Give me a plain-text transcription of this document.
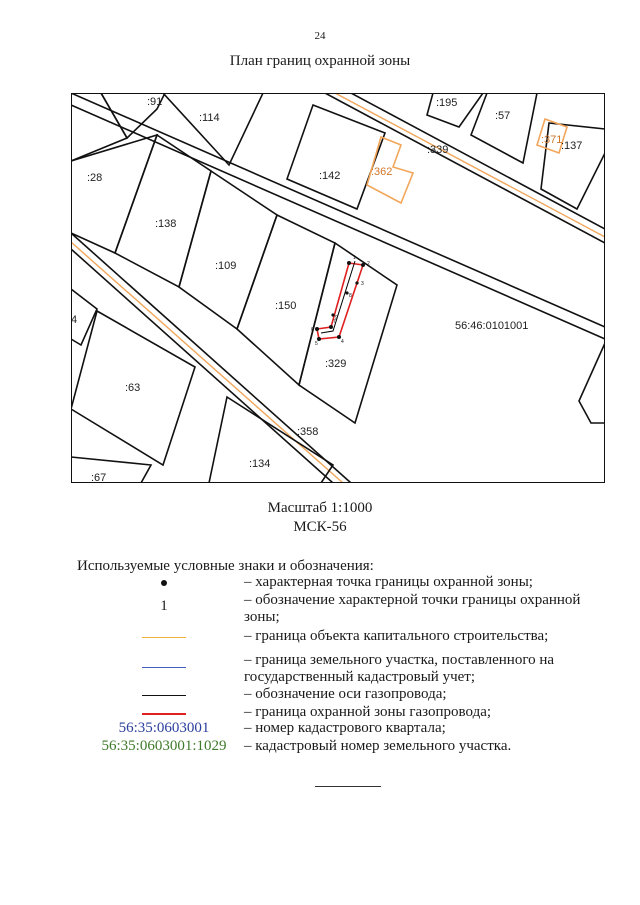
24
План границ охранной зоны
:91
:114
:195
:57
:371
:137
:339
:28	:142	:362
:138
:109
:150
56:46:0101001
:329
:63
:358
:134
:67
4
1
2
3
4
5
6
7
8
9
Масштаб 1:1000
МСК-56
Используемые условные знаки и обозначения:
– характерная точка границы охранной зоны;
1	– обозначение характерной точки границы охранной зоны;
– граница объекта капитального строительства;
– граница земельного участка, поставленного на государственный кадастровый учет;
– обозначение оси газопровода;
– граница охранной зоны газопровода;
56:35:0603001	– номер кадастрового квартала;
56:35:0603001:1029	– кадастровый номер земельного участка.
